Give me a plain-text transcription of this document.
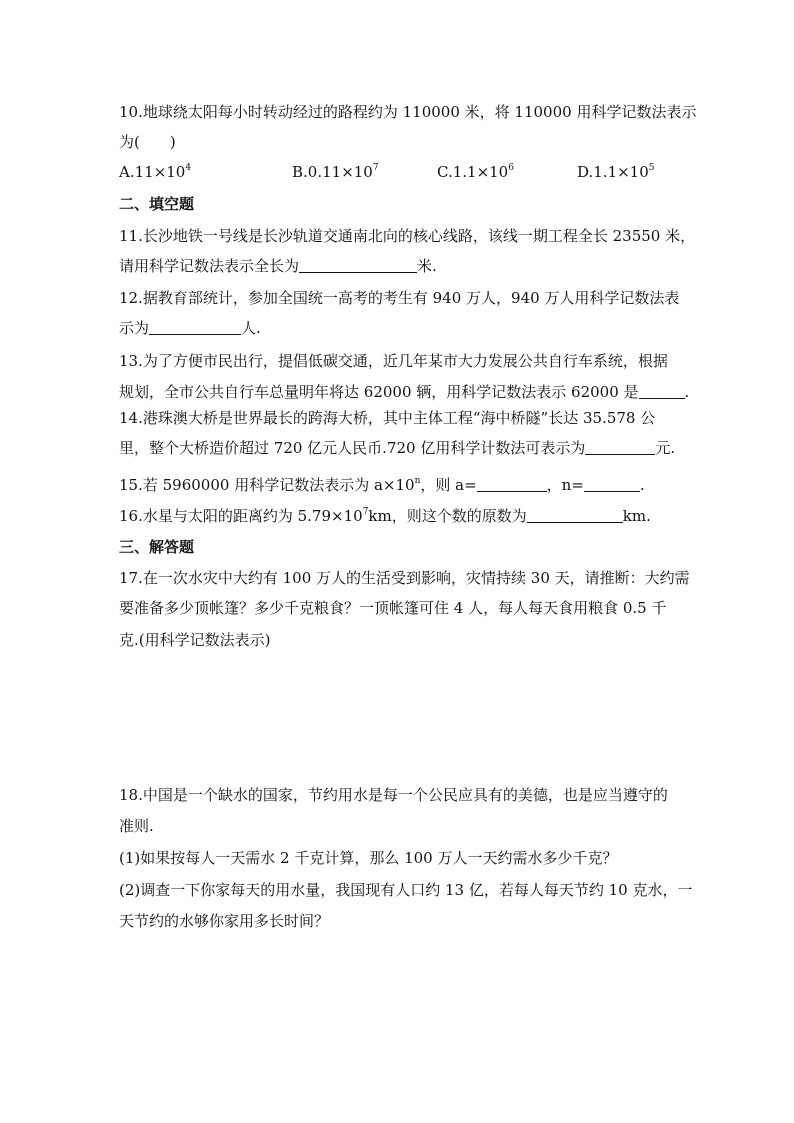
10.地球绕太阳每小时转动经过的路程约为 110000 米，将 110000 用科学记数法表示
为(　　)
$A.11\times 10^4$	$B.0.11\times 10^7$	$C.1.1\times 10^6$	$D.1.1\times 10^5$
二、填空题
11.长沙地铁一号线是长沙轨道交通南北向的核心线路，该线一期工程全长 23550 米，
请用科学记数法表示全长为	米.
12.据教育部统计，参加全国统一高考的考生有 940 万人，940 万人用科学记数法表
示为	人.
13.为了方便市民出行，提倡低碳交通，近几年某市大力发展公共自行车系统，根据
规划，全市公共自行车总量明年将达 62000 辆，用科学记数法表示 62000 是	.
14.港珠澳大桥是世界最长的跨海大桥，其中主体工程“海中桥隧”长达 35.578 公
里，整个大桥造价超过 720 亿元人民币.720 亿用科学计数法可表示为	元.
15.若 5960000 用科学记数法表示为 $a\times 10^n$，则 a=	，n=	.
16.水星与太阳的距离约为 $5.79\times 10^7km$，则这个数的原数为	km.
三、解答题
17.在一次水灾中大约有 100 万人的生活受到影响，灾情持续 30 天，请推断：大约需
要准备多少顶帐篷？多少千克粮食？一顶帐篷可住 4 人，每人每天食用粮食 0.5 千
克.(用科学记数法表示)
18.中国是一个缺水的国家，节约用水是每一个公民应具有的美德，也是应当遵守的
准则.
(1)如果按每人一天需水 2 千克计算，那么 100 万人一天约需水多少千克？
(2)调查一下你家每天的用水量，我国现有人口约 13 亿，若每人每天节约 10 克水，一
天节约的水够你家用多长时间？
